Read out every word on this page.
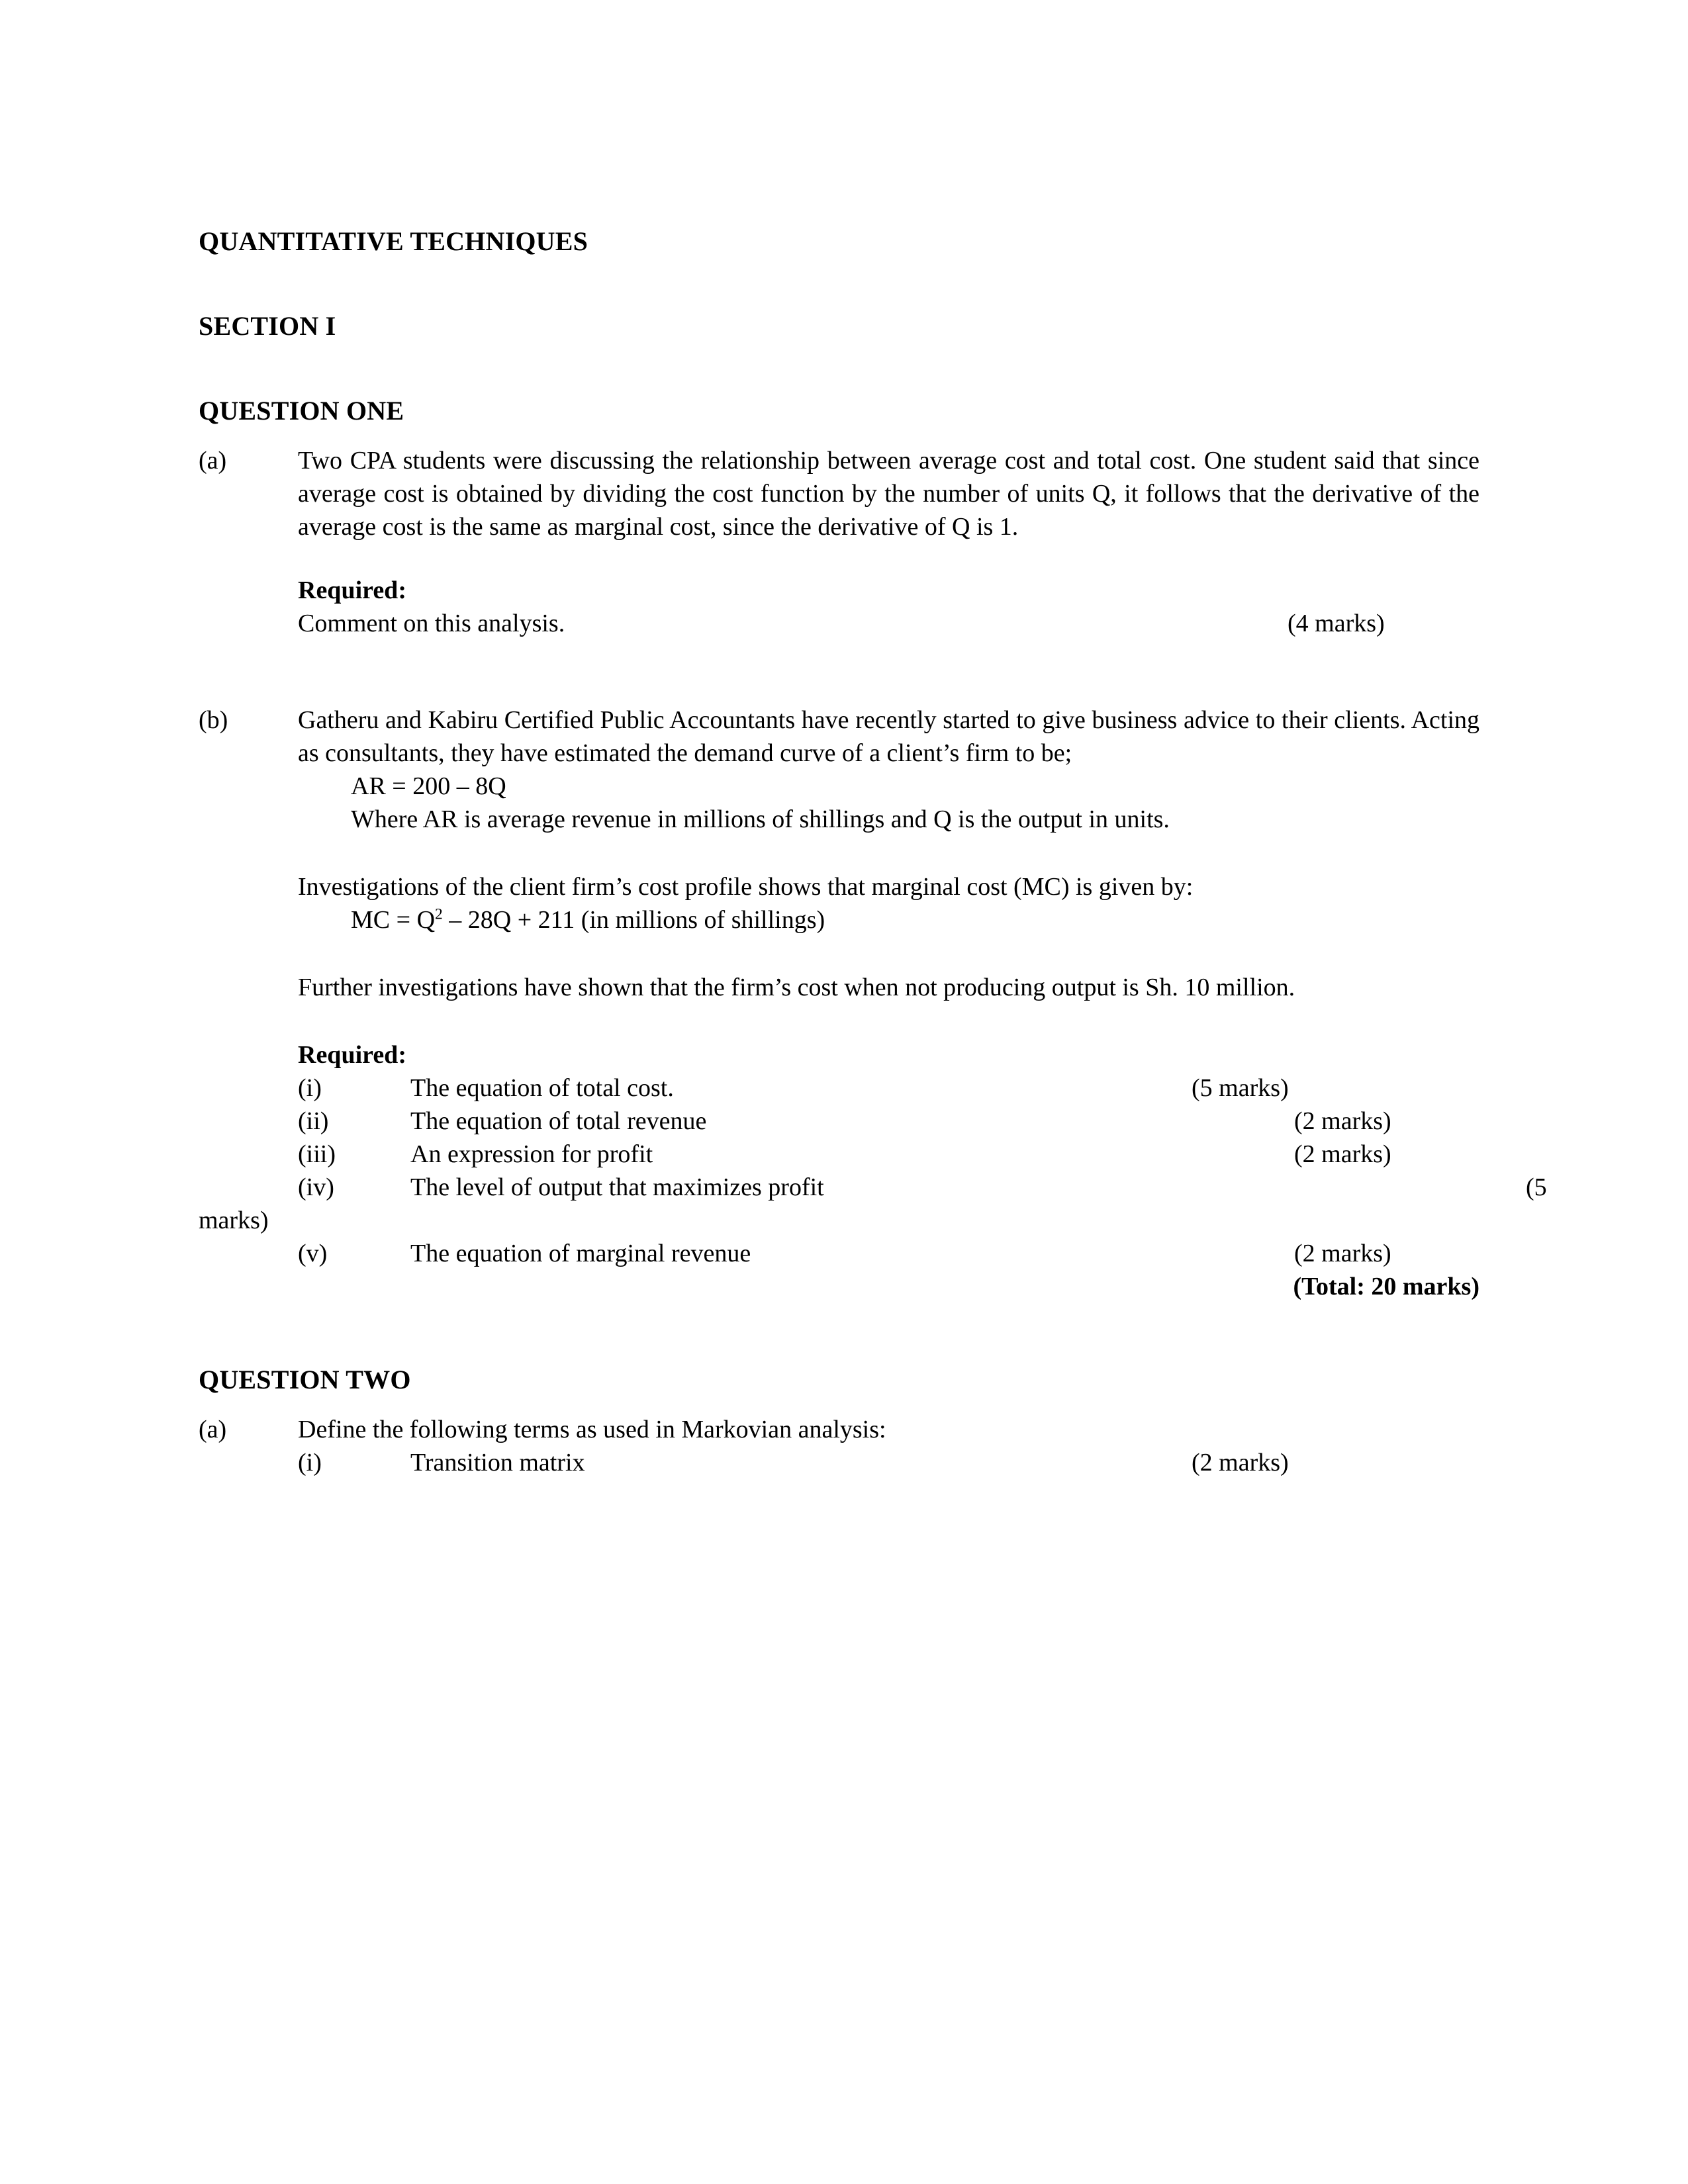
QUANTITATIVE TECHNIQUES
SECTION I
QUESTION ONE
(a)	Two CPA students were discussing the relationship between average cost and total cost. One student said that since average cost is obtained by dividing the cost function by the number of units Q, it follows that the derivative of the average cost is the same as marginal cost, since the derivative of Q is 1.
Required:
Comment on this analysis.	(4 marks)
(b)	Gatheru and Kabiru Certified Public Accountants have recently started to give business advice to their clients. Acting as consultants, they have estimated the demand curve of a client’s firm to be;
AR = 200 – 8Q
Where AR is average revenue in millions of shillings and Q is the output in units.
Investigations of the client firm’s cost profile shows that marginal cost (MC) is given by:
MC = $Q^2 - 28Q + 211$ (in millions of shillings)
Further investigations have shown that the firm’s cost when not producing output is Sh. 10 million.
Required:
(i)	The equation of total cost.	(5 marks)
(ii)	The equation of total revenue	(2 marks)
(iii)	An expression for profit	(2 marks)
(iv)	The level of output that maximizes profit	(5
marks)
(v)	The equation of marginal revenue	(2 marks)
(Total: 20 marks)
QUESTION TWO
(a)	Define the following terms as used in Markovian analysis:
(i)	Transition matrix	(2 marks)
